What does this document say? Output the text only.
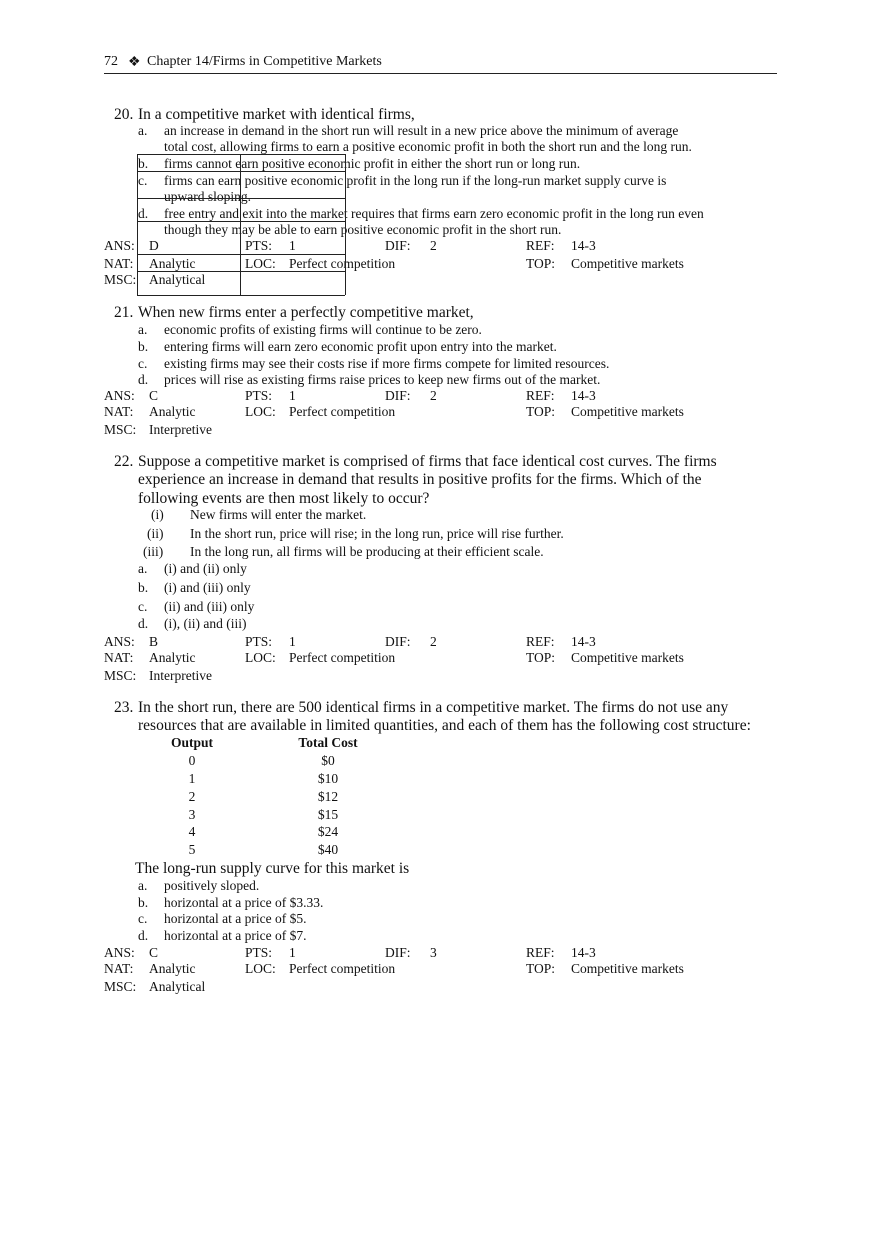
72 ❖ Chapter 14/Firms in Competitive Markets
20. In a competitive market with identical firms,
a. an increase in demand in the short run will result in a new price above the minimum of average
total cost, allowing firms to earn a positive economic profit in both the short run and the long run.
b. firms cannot earn positive economic profit in either the short run or long run.
c. firms can earn positive economic profit in the long run if the long-run market supply curve is
upward sloping.
d. free entry and exit into the market requires that firms earn zero economic profit in the long run even
though they may be able to earn positive economic profit in the short run.
ANS: D	PTS: 1	DIF: 2	REF: 14-3
NAT: Analytic	LOC: Perfect competition	TOP: Competitive markets
MSC: Analytical
21. When new firms enter a perfectly competitive market,
a. economic profits of existing firms will continue to be zero.
b. entering firms will earn zero economic profit upon entry into the market.
c. existing firms may see their costs rise if more firms compete for limited resources.
d. prices will rise as existing firms raise prices to keep new firms out of the market.
ANS: C	PTS: 1	DIF: 2	REF: 14-3
NAT: Analytic	LOC: Perfect competition	TOP: Competitive markets
MSC: Interpretive
22. Suppose a competitive market is comprised of firms that face identical cost curves. The firms
experience an increase in demand that results in positive profits for the firms. Which of the
following events are then most likely to occur?
(i) New firms will enter the market.
(ii) In the short run, price will rise; in the long run, price will rise further.
(iii) In the long run, all firms will be producing at their efficient scale.
a. (i) and (ii) only
b. (i) and (iii) only
c. (ii) and (iii) only
d. (i), (ii) and (iii)
ANS: B	PTS: 1	DIF: 2	REF: 14-3
NAT: Analytic	LOC: Perfect competition	TOP: Competitive markets
MSC: Interpretive
23. In the short run, there are 500 identical firms in a competitive market. The firms do not use any
resources that are available in limited quantities, and each of them has the following cost structure:
Output	Total Cost
0	$0
1	$10
2	$12
3	$15
4	$24
5	$40
The long-run supply curve for this market is
a. positively sloped.
b. horizontal at a price of $3.33.
c. horizontal at a price of $5.
d. horizontal at a price of $7.
ANS: C	PTS: 1	DIF: 3	REF: 14-3
NAT: Analytic	LOC: Perfect competition	TOP: Competitive markets
MSC: Analytical
